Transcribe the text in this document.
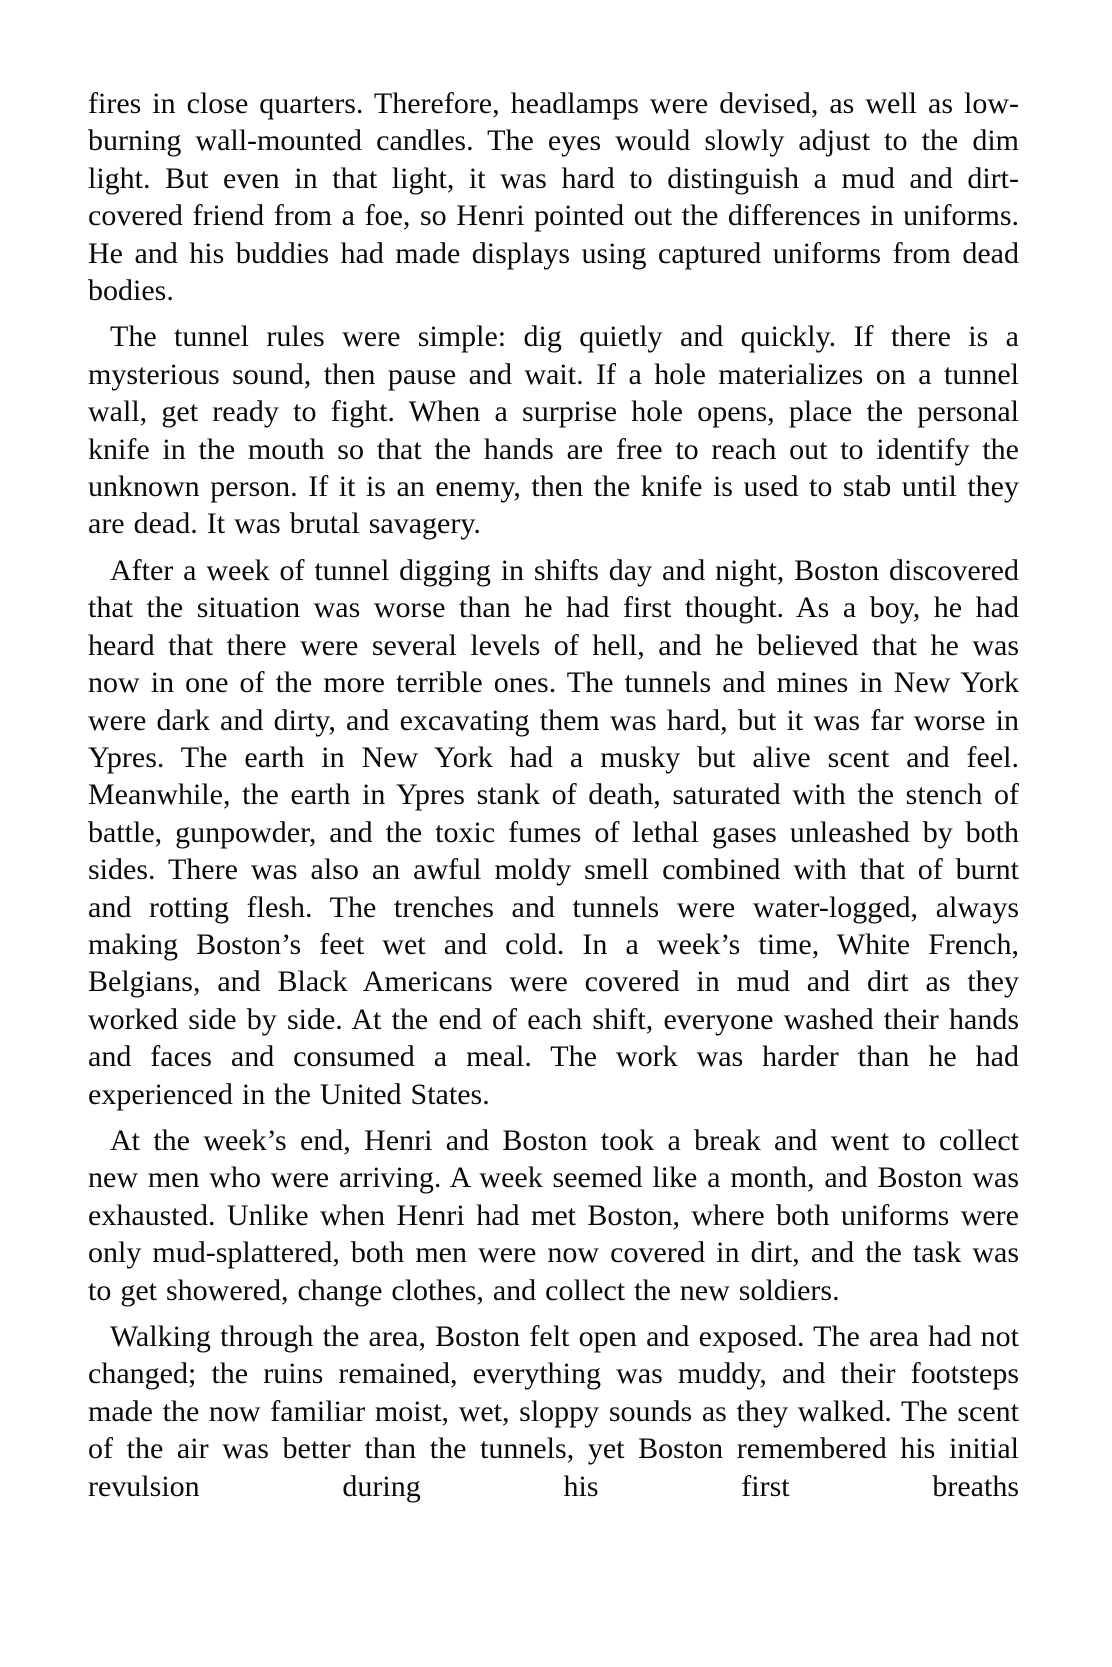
fires in close quarters. Therefore, headlamps were devised, as well as low-burning wall-mounted candles. The eyes would slowly adjust to the dim light. But even in that light, it was hard to distinguish a mud and dirt-covered friend from a foe, so Henri pointed out the differences in uniforms. He and his buddies had made displays using captured uniforms from dead bodies.

The tunnel rules were simple: dig quietly and quickly. If there is a mysterious sound, then pause and wait. If a hole materializes on a tunnel wall, get ready to fight. When a surprise hole opens, place the personal knife in the mouth so that the hands are free to reach out to identify the unknown person. If it is an enemy, then the knife is used to stab until they are dead. It was brutal savagery.

After a week of tunnel digging in shifts day and night, Boston discovered that the situation was worse than he had first thought. As a boy, he had heard that there were several levels of hell, and he believed that he was now in one of the more terrible ones. The tunnels and mines in New York were dark and dirty, and excavating them was hard, but it was far worse in Ypres. The earth in New York had a musky but alive scent and feel. Meanwhile, the earth in Ypres stank of death, saturated with the stench of battle, gunpowder, and the toxic fumes of lethal gases unleashed by both sides. There was also an awful moldy smell combined with that of burnt and rotting flesh. The trenches and tunnels were water-logged, always making Boston’s feet wet and cold. In a week’s time, White French, Belgians, and Black Americans were covered in mud and dirt as they worked side by side. At the end of each shift, everyone washed their hands and faces and consumed a meal. The work was harder than he had experienced in the United States.

At the week’s end, Henri and Boston took a break and went to collect new men who were arriving. A week seemed like a month, and Boston was exhausted. Unlike when Henri had met Boston, where both uniforms were only mud-splattered, both men were now covered in dirt, and the task was to get showered, change clothes, and collect the new soldiers.

Walking through the area, Boston felt open and exposed. The area had not changed; the ruins remained, everything was muddy, and their footsteps made the now familiar moist, wet, sloppy sounds as they walked. The scent of the air was better than the tunnels, yet Boston remembered his initial revulsion during his first breaths
